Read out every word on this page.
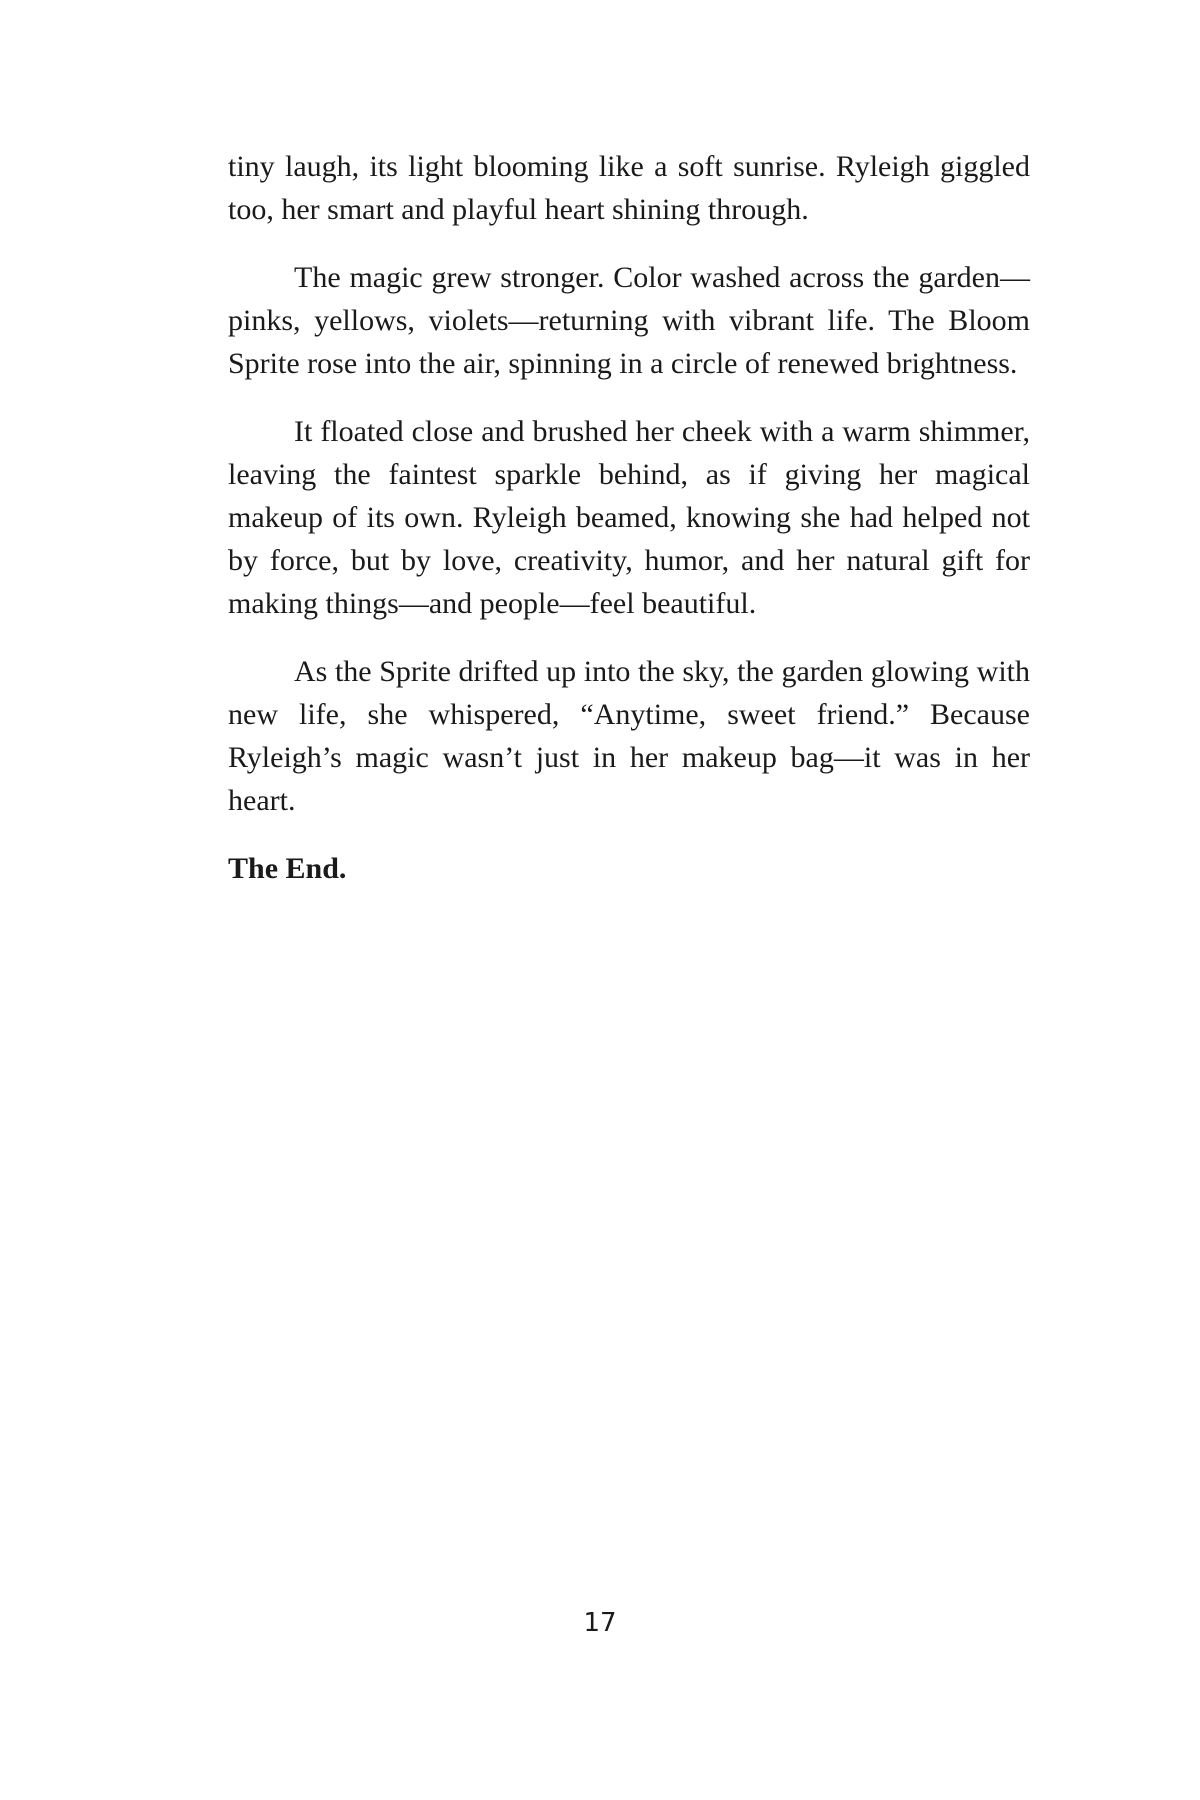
tiny laugh, its light blooming like a soft sunrise. Ryleigh giggled too, her smart and playful heart shining through.

The magic grew stronger. Color washed across the garden—pinks, yellows, violets—returning with vibrant life. The Bloom Sprite rose into the air, spinning in a circle of renewed brightness.

It floated close and brushed her cheek with a warm shimmer, leaving the faintest sparkle behind, as if giving her magical makeup of its own. Ryleigh beamed, knowing she had helped not by force, but by love, creativity, humor, and her natural gift for making things—and people—feel beautiful.

As the Sprite drifted up into the sky, the garden glowing with new life, she whispered, “Anytime, sweet friend.” Because Ryleigh’s magic wasn’t just in her makeup bag—it was in her heart.

The End.

17
